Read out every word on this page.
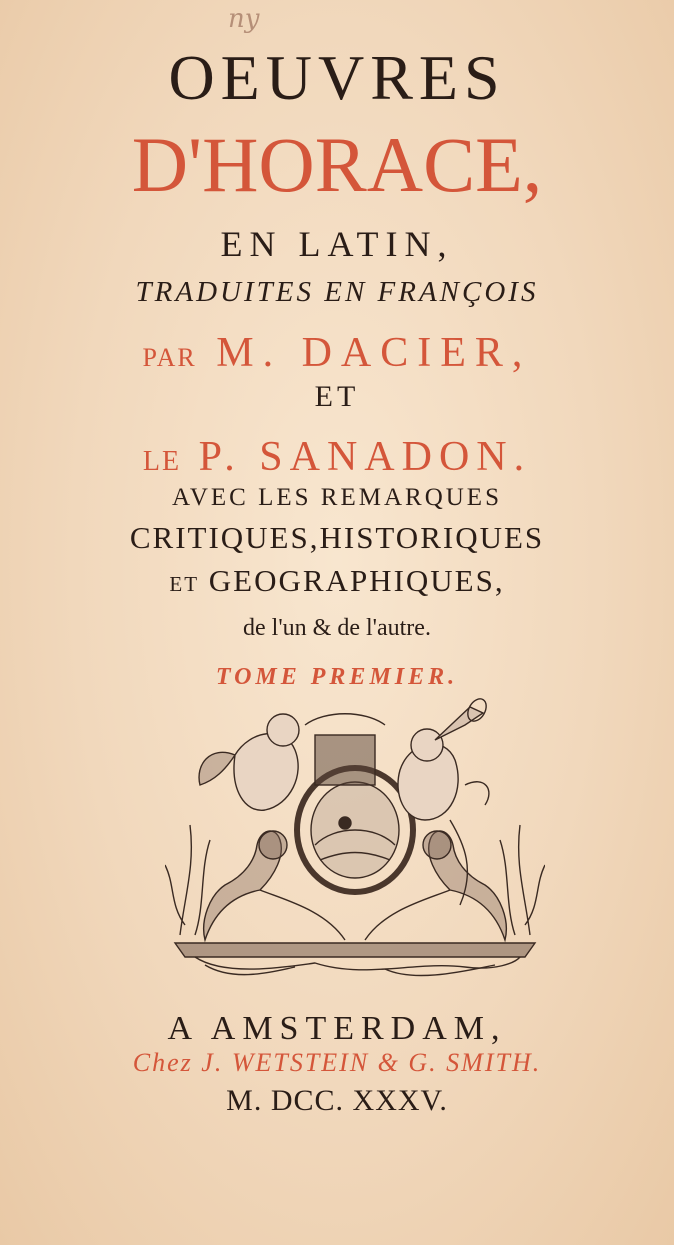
ny
OEUVRES
D'HORACE,
EN LATIN,
TRADUITES EN FRANÇOIS
PAR M. DACIER,
ET
LE P. SANADON.
AVEC LES REMARQUES
CRITIQUES,HISTORIQUES
ET GEOGRAPHIQUES,
de l'un & de l'autre.
TOME PREMIER.
A AMSTERDAM,
Chez J. WETSTEIN & G. SMITH.
M. DCC. XXXV.
